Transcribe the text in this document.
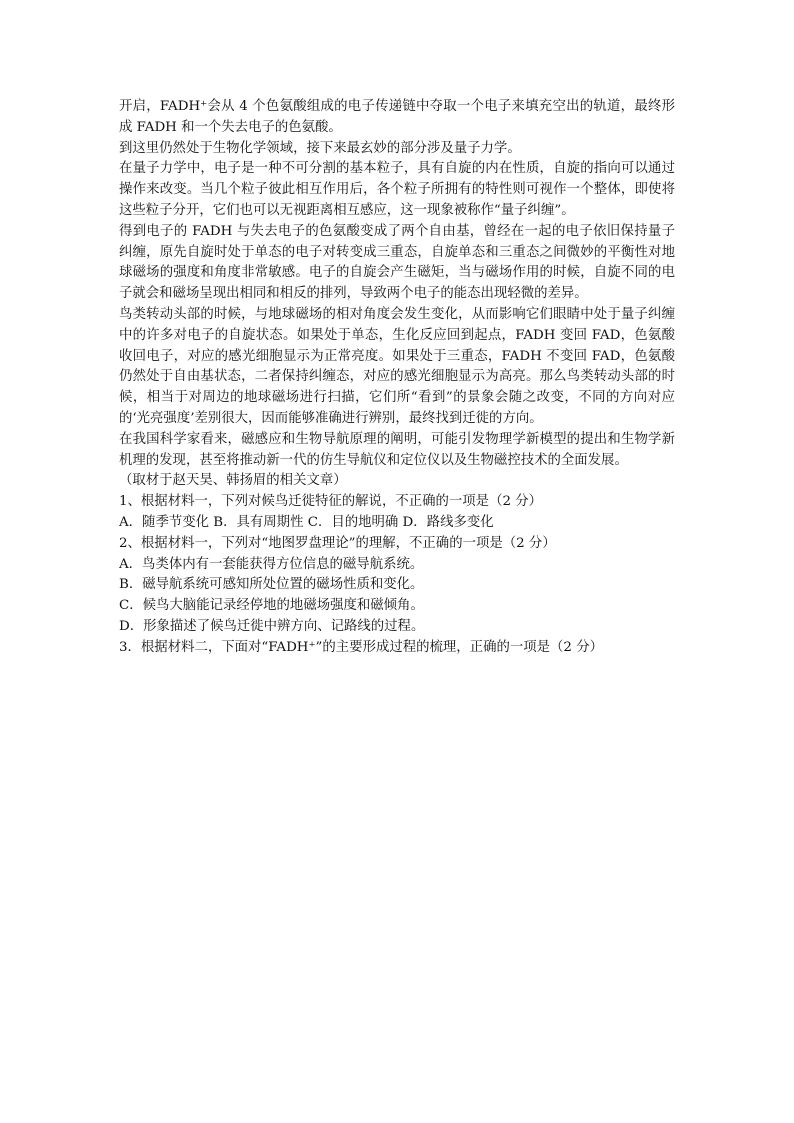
开启，FADH⁺会从 4 个色氨酸组成的电子传递链中夺取一个电子来填充空出的轨道，最终形成 FADH 和一个失去电子的色氨酸。

到这里仍然处于生物化学领域，接下来最玄妙的部分涉及量子力学。

在量子力学中，电子是一种不可分割的基本粒子，具有自旋的内在性质，自旋的指向可以通过操作来改变。当几个粒子彼此相互作用后，各个粒子所拥有的特性则可视作一个整体，即使将这些粒子分开，它们也可以无视距离相互感应，这一现象被称作“量子纠缠”。

得到电子的 FADH 与失去电子的色氨酸变成了两个自由基，曾经在一起的电子依旧保持量子纠缠，原先自旋时处于单态的电子对转变成三重态，自旋单态和三重态之间微妙的平衡性对地球磁场的强度和角度非常敏感。电子的自旋会产生磁矩，当与磁场作用的时候，自旋不同的电子就会和磁场呈现出相同和相反的排列，导致两个电子的能态出现轻微的差异。

鸟类转动头部的时候，与地球磁场的相对角度会发生变化，从而影响它们眼睛中处于量子纠缠中的许多对电子的自旋状态。如果处于单态，生化反应回到起点，FADH 变回 FAD，色氨酸收回电子，对应的感光细胞显示为正常亮度。如果处于三重态，FADH 不变回 FAD，色氨酸仍然处于自由基状态，二者保持纠缠态，对应的感光细胞显示为高亮。那么鸟类转动头部的时候，相当于对周边的地球磁场进行扫描，它们所“看到”的景象会随之改变，不同的方向对应的‘光亮强度’差别很大，因而能够准确进行辨别，最终找到迁徙的方向。

在我国科学家看来，磁感应和生物导航原理的阐明，可能引发物理学新模型的提出和生物学新机理的发现，甚至将推动新一代的仿生导航仪和定位仪以及生物磁控技术的全面发展。

（取材于赵天昊、韩扬眉的相关文章）

1、根据材料一，下列对候鸟迁徙特征的解说，不正确的一项是（2 分）

A．随季节变化 B．具有周期性 C．目的地明确 D．路线多变化

2、根据材料一，下列对“地图罗盘理论”的理解，不正确的一项是（2 分）

A．鸟类体内有一套能获得方位信息的磁导航系统。

B．磁导航系统可感知所处位置的磁场性质和变化。

C．候鸟大脑能记录经停地的地磁场强度和磁倾角。

D．形象描述了候鸟迁徙中辨方向、记路线的过程。

3．根据材料二，下面对“FADH⁺”的主要形成过程的梳理，正确的一项是（2 分）
